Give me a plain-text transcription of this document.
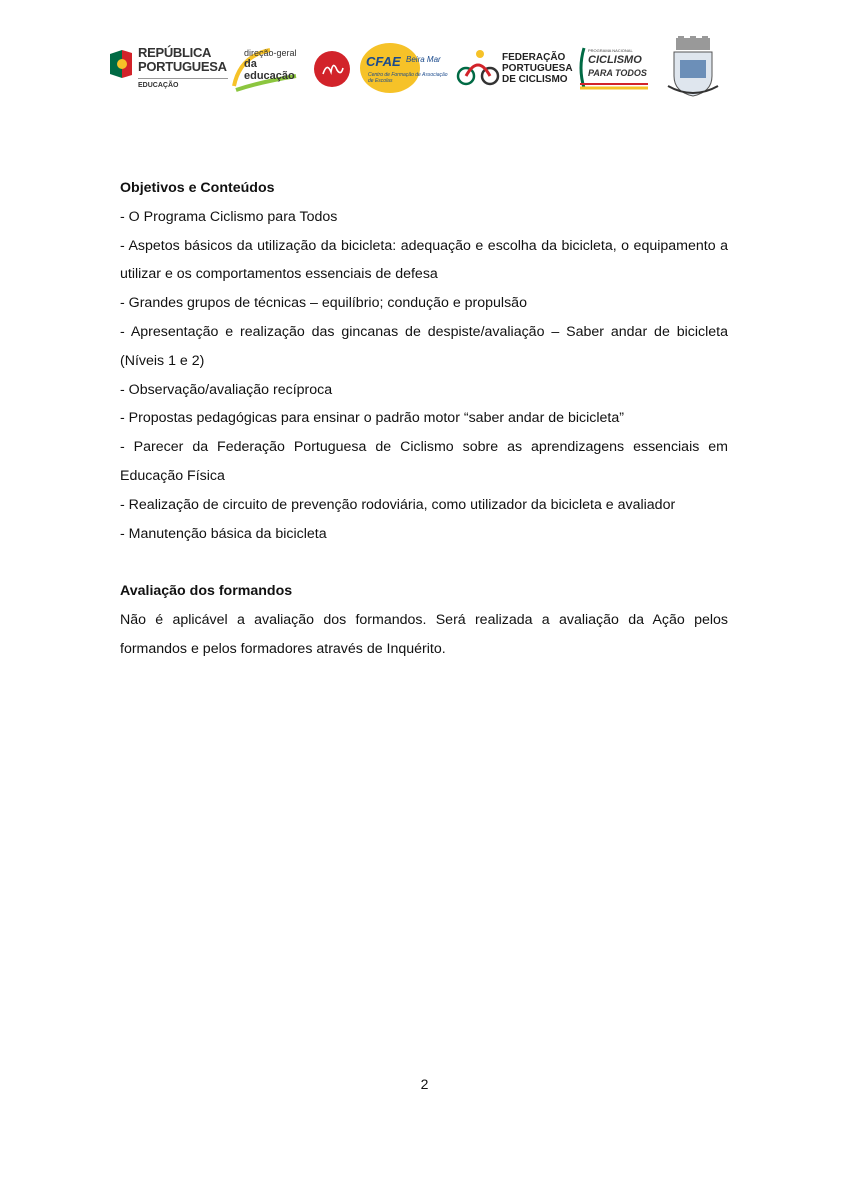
REPÚBLICA
PORTUGUESA
EDUCAÇÃO
direção-geral
da educação
CFAE Beira Mar
Centro de Formação de Associação de Escolas
FEDERAÇÃO
PORTUGUESA
DE CICLISMO
PROGRAMA NACIONAL
CICLISMO
PARA TODOS

Objetivos e Conteúdos

- O Programa Ciclismo para Todos

- Aspetos básicos da utilização da bicicleta: adequação e escolha da bicicleta, o equipamento a utilizar e os comportamentos essenciais de defesa

- Grandes grupos de técnicas – equilíbrio; condução e propulsão

- Apresentação e realização das gincanas de despiste/avaliação – Saber andar de bicicleta (Níveis 1 e 2)

- Observação/avaliação recíproca

- Propostas pedagógicas para ensinar o padrão motor “saber andar de bicicleta”

- Parecer da Federação Portuguesa de Ciclismo sobre as aprendizagens essenciais em Educação Física

- Realização de circuito de prevenção rodoviária, como utilizador da bicicleta e avaliador

- Manutenção básica da bicicleta

Avaliação dos formandos

Não é aplicável a avaliação dos formandos. Será realizada a avaliação da Ação pelos formandos e pelos formadores através de Inquérito.

2
